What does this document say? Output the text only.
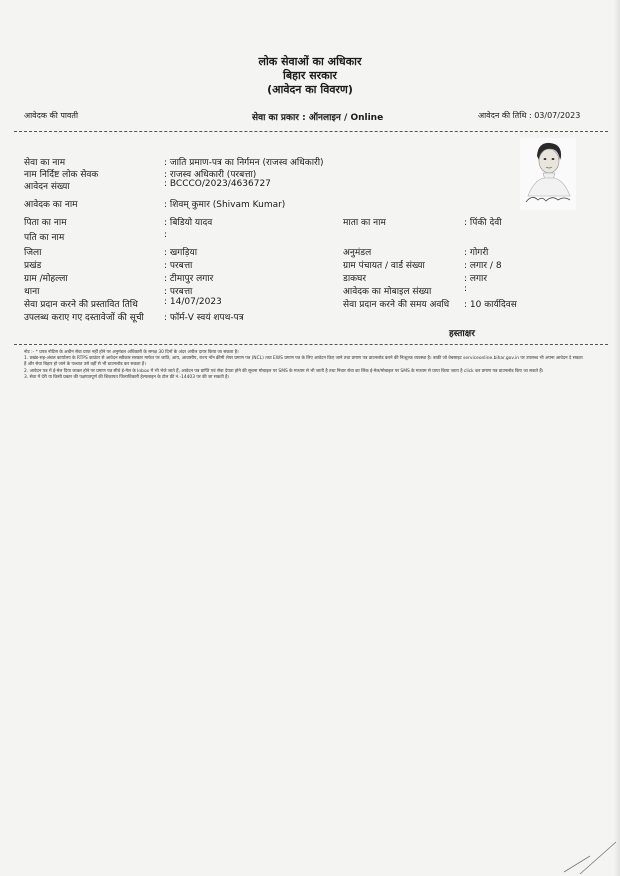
लोक सेवाओं का अधिकार
बिहार सरकार
(आवेदन का विवरण)
आवेदक की पावती	सेवा का प्रकार : ऑनलाइन / Online	आवेदन की तिथि : 03/07/2023
सेवा का नाम	: जाति प्रमाण-पत्र का निर्गमन (राजस्व अधिकारी)
नाम निर्दिष्ट लोक सेवक	: राजस्व अधिकारी (परबत्ता)
आवेदन संख्या	: BCCCO/2023/4636727
आवेदक का नाम	: शिवम् कुमार (Shivam Kumar)
पिता का नाम	: बिडियो यादव	माता का नाम	: पिंकी देवी
पति का नाम	:
जिला	: खगड़िया	अनुमंडल	: गोगरी
प्रखंड	: परबत्ता	ग्राम पंचायत / वार्ड संख्या	: लगार / 8
ग्राम /मोहल्ला	: टीमापुर लगार	डाकघर	: लगार
थाना	: परबत्ता	आवेदक का मोबाइल संख्या	:
सेवा प्रदान करने की प्रस्तावित तिथि	: 14/07/2023	सेवा प्रदान करने की समय अवधि : 10 कार्यदिवस
उपलब्ध कराए गए दस्तावेजों की सूची : फॉर्म-V स्वयं शपथ-पत्र
हस्ताक्षर
नोट :- * प्रपत्र नोटिस के अधीन सेवा प्राप्त नहीं होने पर अनुमंडल अधिकारी के समक्ष 30 दिनों के अंदर अपील दायर किया जा सकता है।
1. प्रखंड-सह-अंचल कार्यालय के RTPS काउंटर से आवेदन स्वीकार सरकार मार्फत पर जाति, आय, आवासीय, राज्य नॉन क्रीमी लेयर प्रमाण पत्र (NCL) तथा EWS प्रमाण पत्र के लिए आवेदन किए जाने तथा प्रमाण पत्र डाउनलोड करने की निःशुल्क व्यवस्था है। बाकी जो वेबसाइट serviceonline.bihar.gov.in पर उपलब्ध भी अपना आवेदन दे सकता है और सेवा बिहार हो जाने के पश्चात उसे वहीं से भी डाउनलोड कर सकता है।
2. आवेदन पत्र में ई-मेल दिया जाकर होने पर प्रमाण पत्र सीधे ई-मेल के Inbox में भी भेजे जाते हैं, आवेदन पत्र प्राप्ति एवं सेवा देयता होने की सूचना मोबाइल पर SMS के माध्यम से भी जाती है तथा निवार सेवा का लिंक ई-मेल/मोबाइल पर SMS के माध्यम से प्राप्त किया जाता है click कर प्रमाण पत्र डाउनलोड किए जा सकते हैं।
3. सेवा में देरी या किसी प्रकार की पक्षपातपूर्ण की शिकायत जिलाधिकारी हेल्पलाइन के टोल फ्री नं.-14403 पर की जा सकती है।
